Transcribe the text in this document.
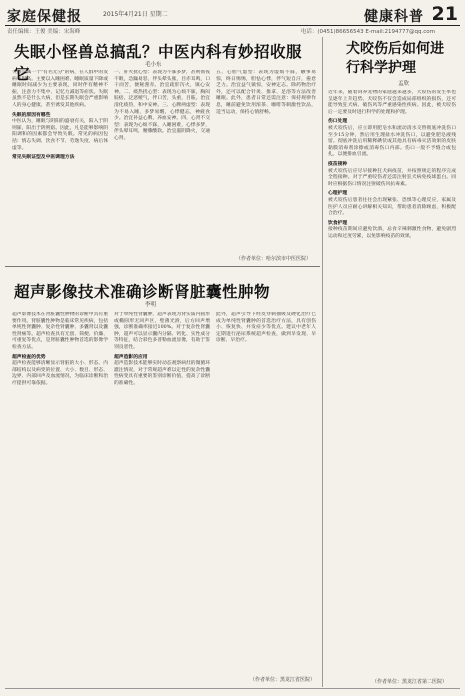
家庭保健报	2015年4月21日 星期二	健康科普 21
责任编辑：王俊 美编：宋海峰	电话：(0451)86656543 E-mail:2194777@qq.com
失眠小怪兽总搞乱？中医内科有妙招收服它	毛小东
失眠是属一个"有名无分"的病，在人群中的发病率很高。主要以入睡困难、睡眠质量下降或睡眠时间减少为主要表现，同时伴有精神不振、注意力不集中、记忆力减退等症状。失眠虽然不是什么大病，但是长期失眠会严重影响人的身心健康，甚至诱发其他疾病。
失眠的原因有哪些
中医认为，睡眠与阴阳的盛衰有关，阳入于阴则寐，阳出于阴则寤。因此，凡是能够影响阴阳调和的因素都会导致失眠。常见的病因包括：情志失调、饮食不节、劳逸失度、病后体虚等。
常见失眠证型及中医调理方法
一、肝火扰心型：表现为不寐多梦，甚则彻夜不眠，急躁易怒，伴头晕头胀，目赤耳鸣，口干而苦，便秘溲赤。治宜疏肝泻火，镇心安神。二、痰热扰心型：表现为心烦不寐，胸闷脘痞，泛恶嗳气，伴口苦，头重，目眩。治宜清化痰热，和中安神。三、心脾两虚型：表现为不易入睡，多梦易醒，心悸健忘，神疲食少。治宜补益心脾，养血安神。四、心肾不交型：表现为心烦不寐，入睡困难，心悸多梦，伴头晕耳鸣，腰膝酸软。治宜滋阴降火，交通心肾。
五、心胆气虚型：表现为虚烦不寐，触事易惊，终日惕惕，胆怯心悸，伴气短自汗，倦怠乏力。治宜益气镇惊，安神定志。除药物治疗外，还可以配合针灸、推拿、足浴等方法改善睡眠。此外，患者日常还需注意：保持规律作息，睡前避免饮用浓茶、咖啡等刺激性饮品，适当运动，保持心情舒畅。
（作者单位：哈尔滨市中医医院）
超声影像技术准确诊断肾脏囊性肿物
李明
超声影像技术在肾脏囊性肿物的诊断中具有重要作用。肾脏囊性肿物是临床常见疾病，包括单纯性肾囊肿、复杂性肾囊肿、多囊肾以及囊性肾癌等。超声检查具有无创、简便、价廉、可重复等优点，是肾脏囊性肿物首选的影像学检查方法。
超声检查的优势
超声检查能够清晰显示肾脏的大小、形态、内部结构以及病变的位置、大小、数目、形态、边界、内部回声及血流情况，为临床诊断和治疗提供可靠依据。
对于单纯性肾囊肿，超声表现为肾实质内圆形或椭圆形无回声区，壁薄光滑，后方回声增强，诊断准确率接近100%。对于复杂性肾囊肿，超声可以显示囊内分隔、钙化、实性成分等特征，结合彩色多普勒血流显像，有助于鉴别良恶性。
超声造影的应用
超声造影技术能够实时动态观察病灶的微循环灌注情况，对于常规超声难以定性的复杂性囊性病变具有重要的鉴别诊断价值，提高了诊断的准确性。
此外，超声引导下经皮穿刺抽吸及硬化治疗已成为单纯性肾囊肿的首选治疗方法，具有创伤小、恢复快、并发症少等优点。建议中老年人定期进行泌尿系统超声检查，做到早发现、早诊断、早治疗。
（作者单位：黑龙江省医院）
犬咬伤后如何进行科学护理
孟欣
近年来，随着饲养宠物的家庭越来越多，犬咬伤的发生率也呈逐年上升趋势。犬咬伤不仅会造成局部组织的损伤，还可能导致狂犬病、破伤风等严重感染性疾病。因此，被犬咬伤后一定要及时进行科学的处理和护理。
伤口处理
被犬咬伤后，应立即用肥皂水和流动清水交替彻底冲洗伤口至少15分钟，然后用生理盐水冲洗伤口，以避免肥皂液残留。彻底冲洗后用稀释碘伏或其他具有病毒灭活效果的皮肤黏膜消毒剂涂擦或消毒伤口内部。伤口一般不予缝合或包扎，以便排血引流。
疫苗接种
被犬咬伤后应尽早接种狂犬病疫苗，并按照规定的程序完成全程接种。对于严重咬伤者还需注射狂犬病免疫球蛋白。同时应根据伤口情况注射破伤风抗毒素。
心理护理
被犬咬伤后患者往往会出现紧张、恐惧等心理反应，家属及医护人员应耐心讲解相关知识，帮助患者消除顾虑，积极配合治疗。
饮食护理
接种疫苗期间应避免饮酒，忌食辛辣刺激性食物，避免剧烈运动和过度劳累，以免影响疫苗的效果。
（作者单位：黑龙江省第二医院）
